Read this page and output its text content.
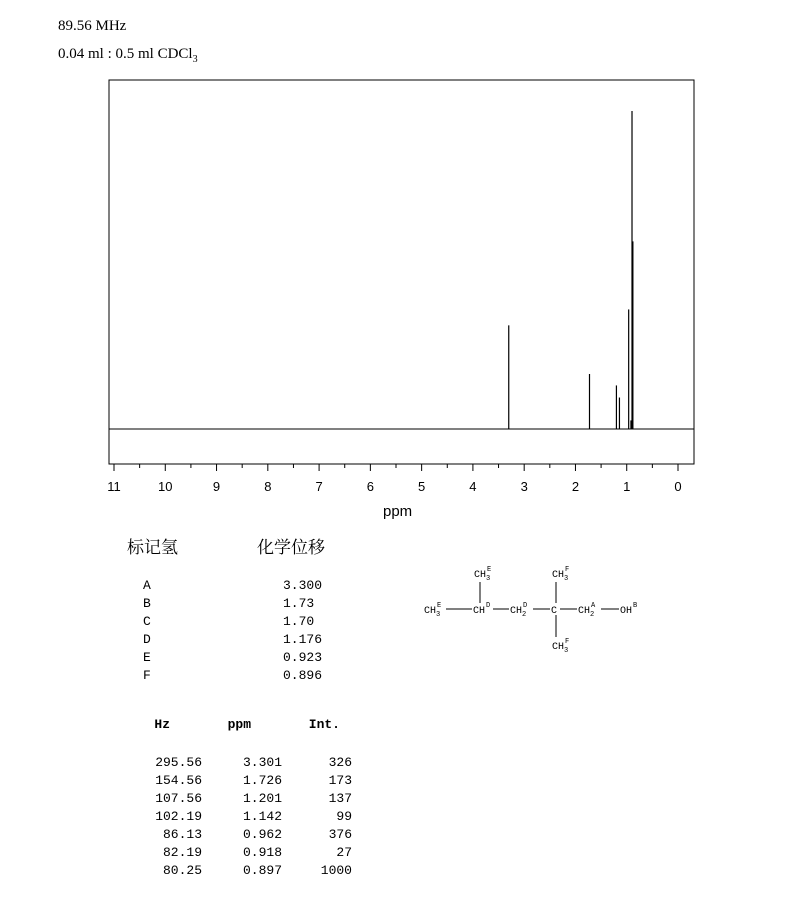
89.56 MHz
0.04 ml : 0.5 ml CDCl$_3$
11	10	9	8	7	6	5	4	3	2	1	0
ppm
标记氢	化学位移
A	3.300
B	1.73
C	1.70
D	1.176
E	0.923
F	0.896
$CH_3$
E	$CH_3$
F
$CH_3$
E	CH D $CH_2$
D C $CH_2$
A OH B
$CH_3$
F
Hz	ppm	Int.
295.56	3.301	326
154.56	1.726	173
107.56	1.201	137
102.19	1.142	99
86.13	0.962	376
82.19	0.918	27
80.25	0.897	1000
